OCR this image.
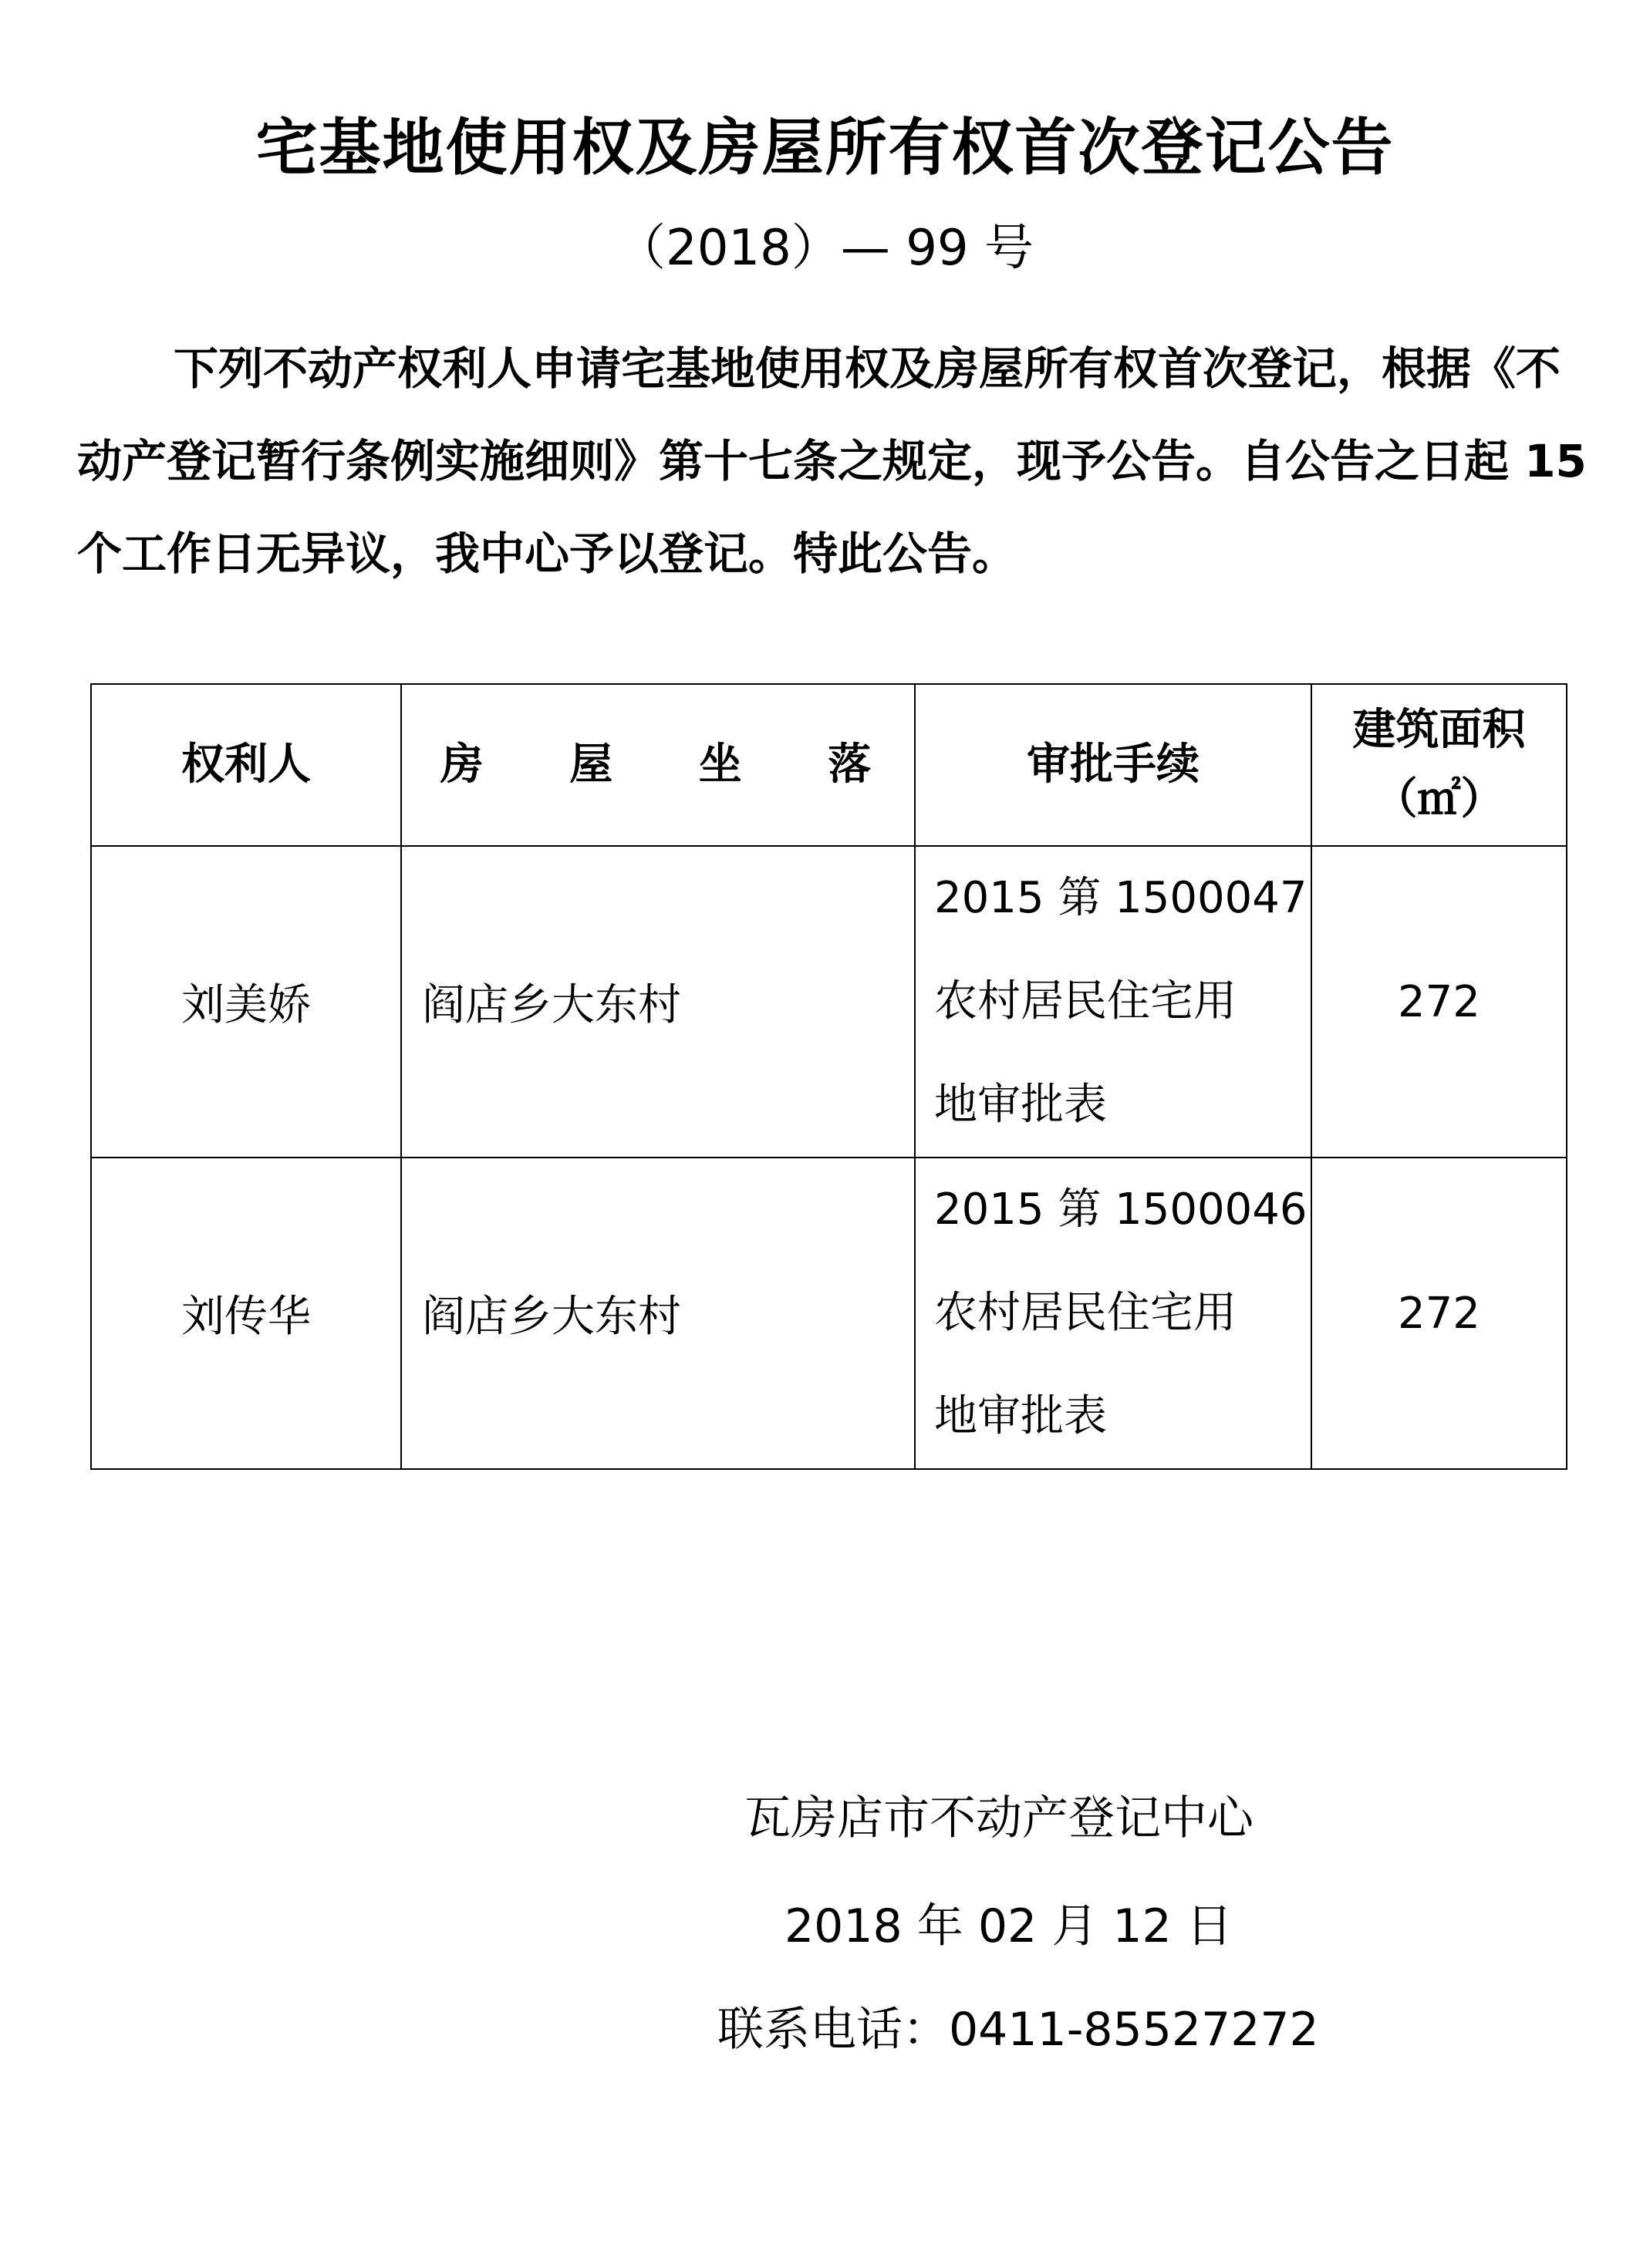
宅基地使用权及房屋所有权首次登记公告
（2018）— 99 号
下列不动产权利人申请宅基地使用权及房屋所有权首次登记，根据《不动产登记暂行条例实施细则》第十七条之规定，现予公告。自公告之日起 15 个工作日无异议，我中心予以登记。特此公告。
权利人	房 屋 坐 落	审批手续	建筑面积
（㎡）

刘美娇	阎店乡大东村	2015 第 1500047
农村居民住宅用
地审批表	272
刘传华	阎店乡大东村	2015 第 1500046
农村居民住宅用
地审批表	272
瓦房店市不动产登记中心
2018 年 02 月 12 日
联系电话：0411-85527272
